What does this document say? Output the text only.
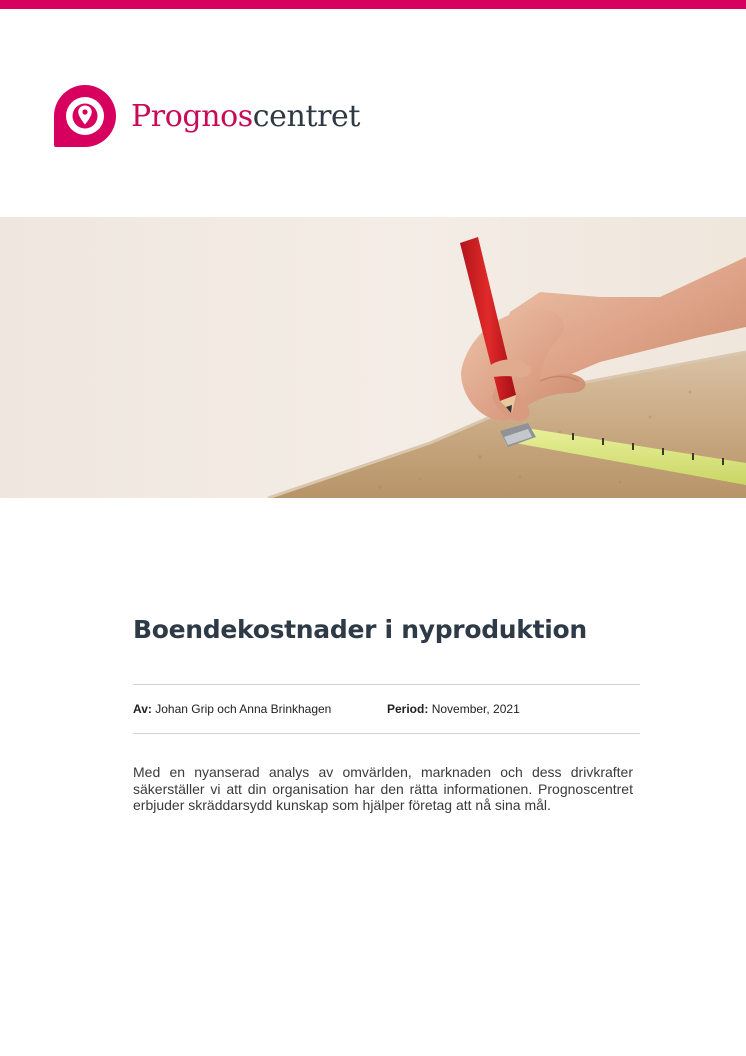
Prognoscentret
Boendekostnader i nyproduktion
Av: Johan Grip och Anna Brinkhagen	Period: November, 2021

Med en nyanserad analys av omvärlden, marknaden och dess drivkrafter säkerställer vi att din organisation har den rätta informationen. Prognoscentret erbjuder skräddarsydd kunskap som hjälper företag att nå sina mål.
